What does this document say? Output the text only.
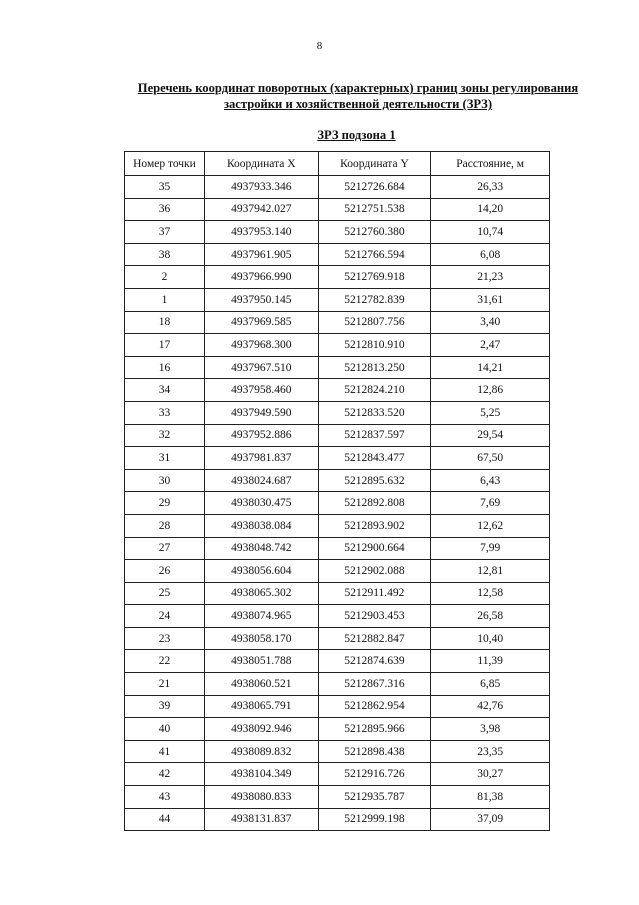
8

Перечень координат поворотных (характерных) границ зоны регулирования застройки и хозяйственной деятельности (ЗРЗ)

ЗРЗ подзона 1

Номер точки	Координата X	Координата Y	Расстояние, м
35	4937933.346	5212726.684	26,33
36	4937942.027	5212751.538	14,20
37	4937953.140	5212760.380	10,74
38	4937961.905	5212766.594	6,08
2	4937966.990	5212769.918	21,23
1	4937950.145	5212782.839	31,61
18	4937969.585	5212807.756	3,40
17	4937968.300	5212810.910	2,47
16	4937967.510	5212813.250	14,21
34	4937958.460	5212824.210	12,86
33	4937949.590	5212833.520	5,25
32	4937952.886	5212837.597	29,54
31	4937981.837	5212843.477	67,50
30	4938024.687	5212895.632	6,43
29	4938030.475	5212892.808	7,69
28	4938038.084	5212893.902	12,62
27	4938048.742	5212900.664	7,99
26	4938056.604	5212902.088	12,81
25	4938065.302	5212911.492	12,58
24	4938074.965	5212903.453	26,58
23	4938058.170	5212882.847	10,40
22	4938051.788	5212874.639	11,39
21	4938060.521	5212867.316	6,85
39	4938065.791	5212862.954	42,76
40	4938092.946	5212895.966	3,98
41	4938089.832	5212898.438	23,35
42	4938104.349	5212916.726	30,27
43	4938080.833	5212935.787	81,38
44	4938131.837	5212999.198	37,09
